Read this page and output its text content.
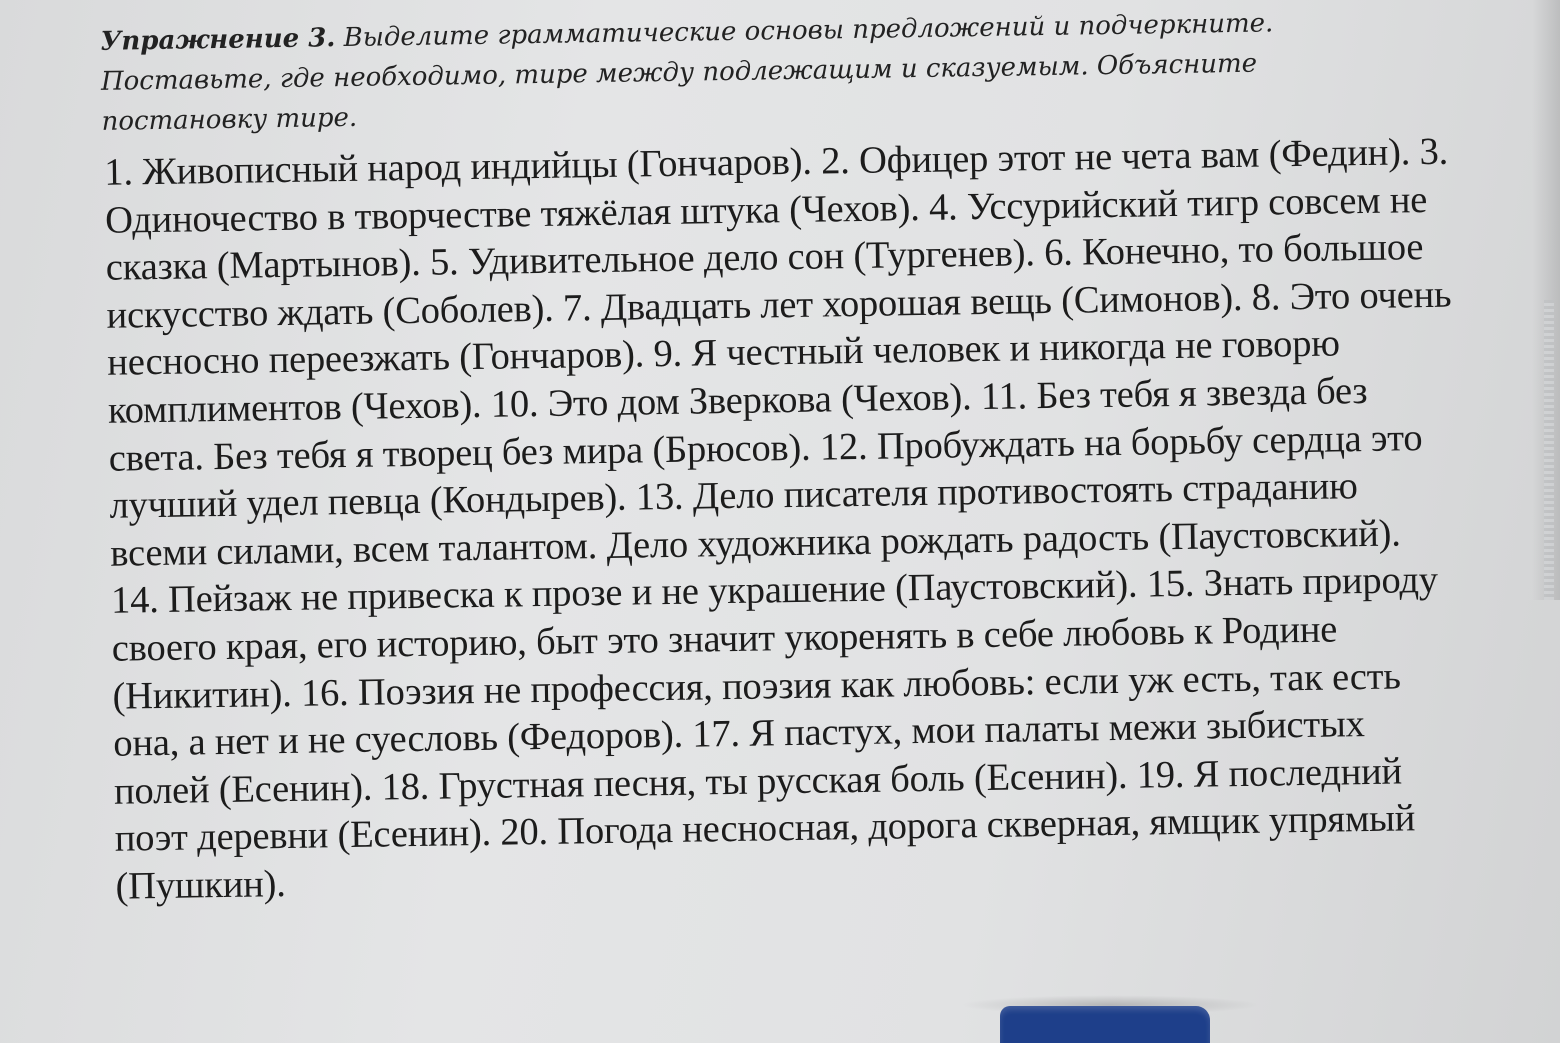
Упражнение 3. Выделите грамматические основы предложений и подчеркните. Поставьте, где необходимо, тире между подлежащим и сказуемым. Объясните постановку тире.
1. Живописный народ индийцы (Гончаров). 2. Офицер этот не чета вам (Федин). 3. Одиночество в творчестве тяжёлая штука (Чехов). 4. Уссурийский тигр совсем не сказка (Мартынов). 5. Удивительное дело сон (Тургенев). 6. Конечно, то большое искусство ждать (Соболев). 7. Двадцать лет хорошая вещь (Симонов). 8. Это очень несносно переезжать (Гончаров). 9. Я честный человек и никогда не говорю комплиментов (Чехов). 10. Это дом Зверкова (Чехов). 11. Без тебя я звезда без света. Без тебя я творец без мира (Брюсов). 12. Пробуждать на борьбу сердца это лучший удел певца (Кондырев). 13. Дело писателя противостоять страданию всеми силами, всем талантом. Дело художника рождать радость (Паустовский). 14. Пейзаж не привеска к прозе и не украшение (Паустовский). 15. Знать природу своего края, его историю, быт это значит укоренять в себе любовь к Родине (Никитин). 16. Поэзия не профессия, поэзия как любовь: если уж есть, так есть она, а нет и не суесловь (Федоров). 17. Я пастух, мои палаты межи зыбистых полей (Есенин). 18. Грустная песня, ты русская боль (Есенин). 19. Я последний поэт деревни (Есенин). 20. Погода несносная, дорога скверная, ямщик упрямый (Пушкин).
